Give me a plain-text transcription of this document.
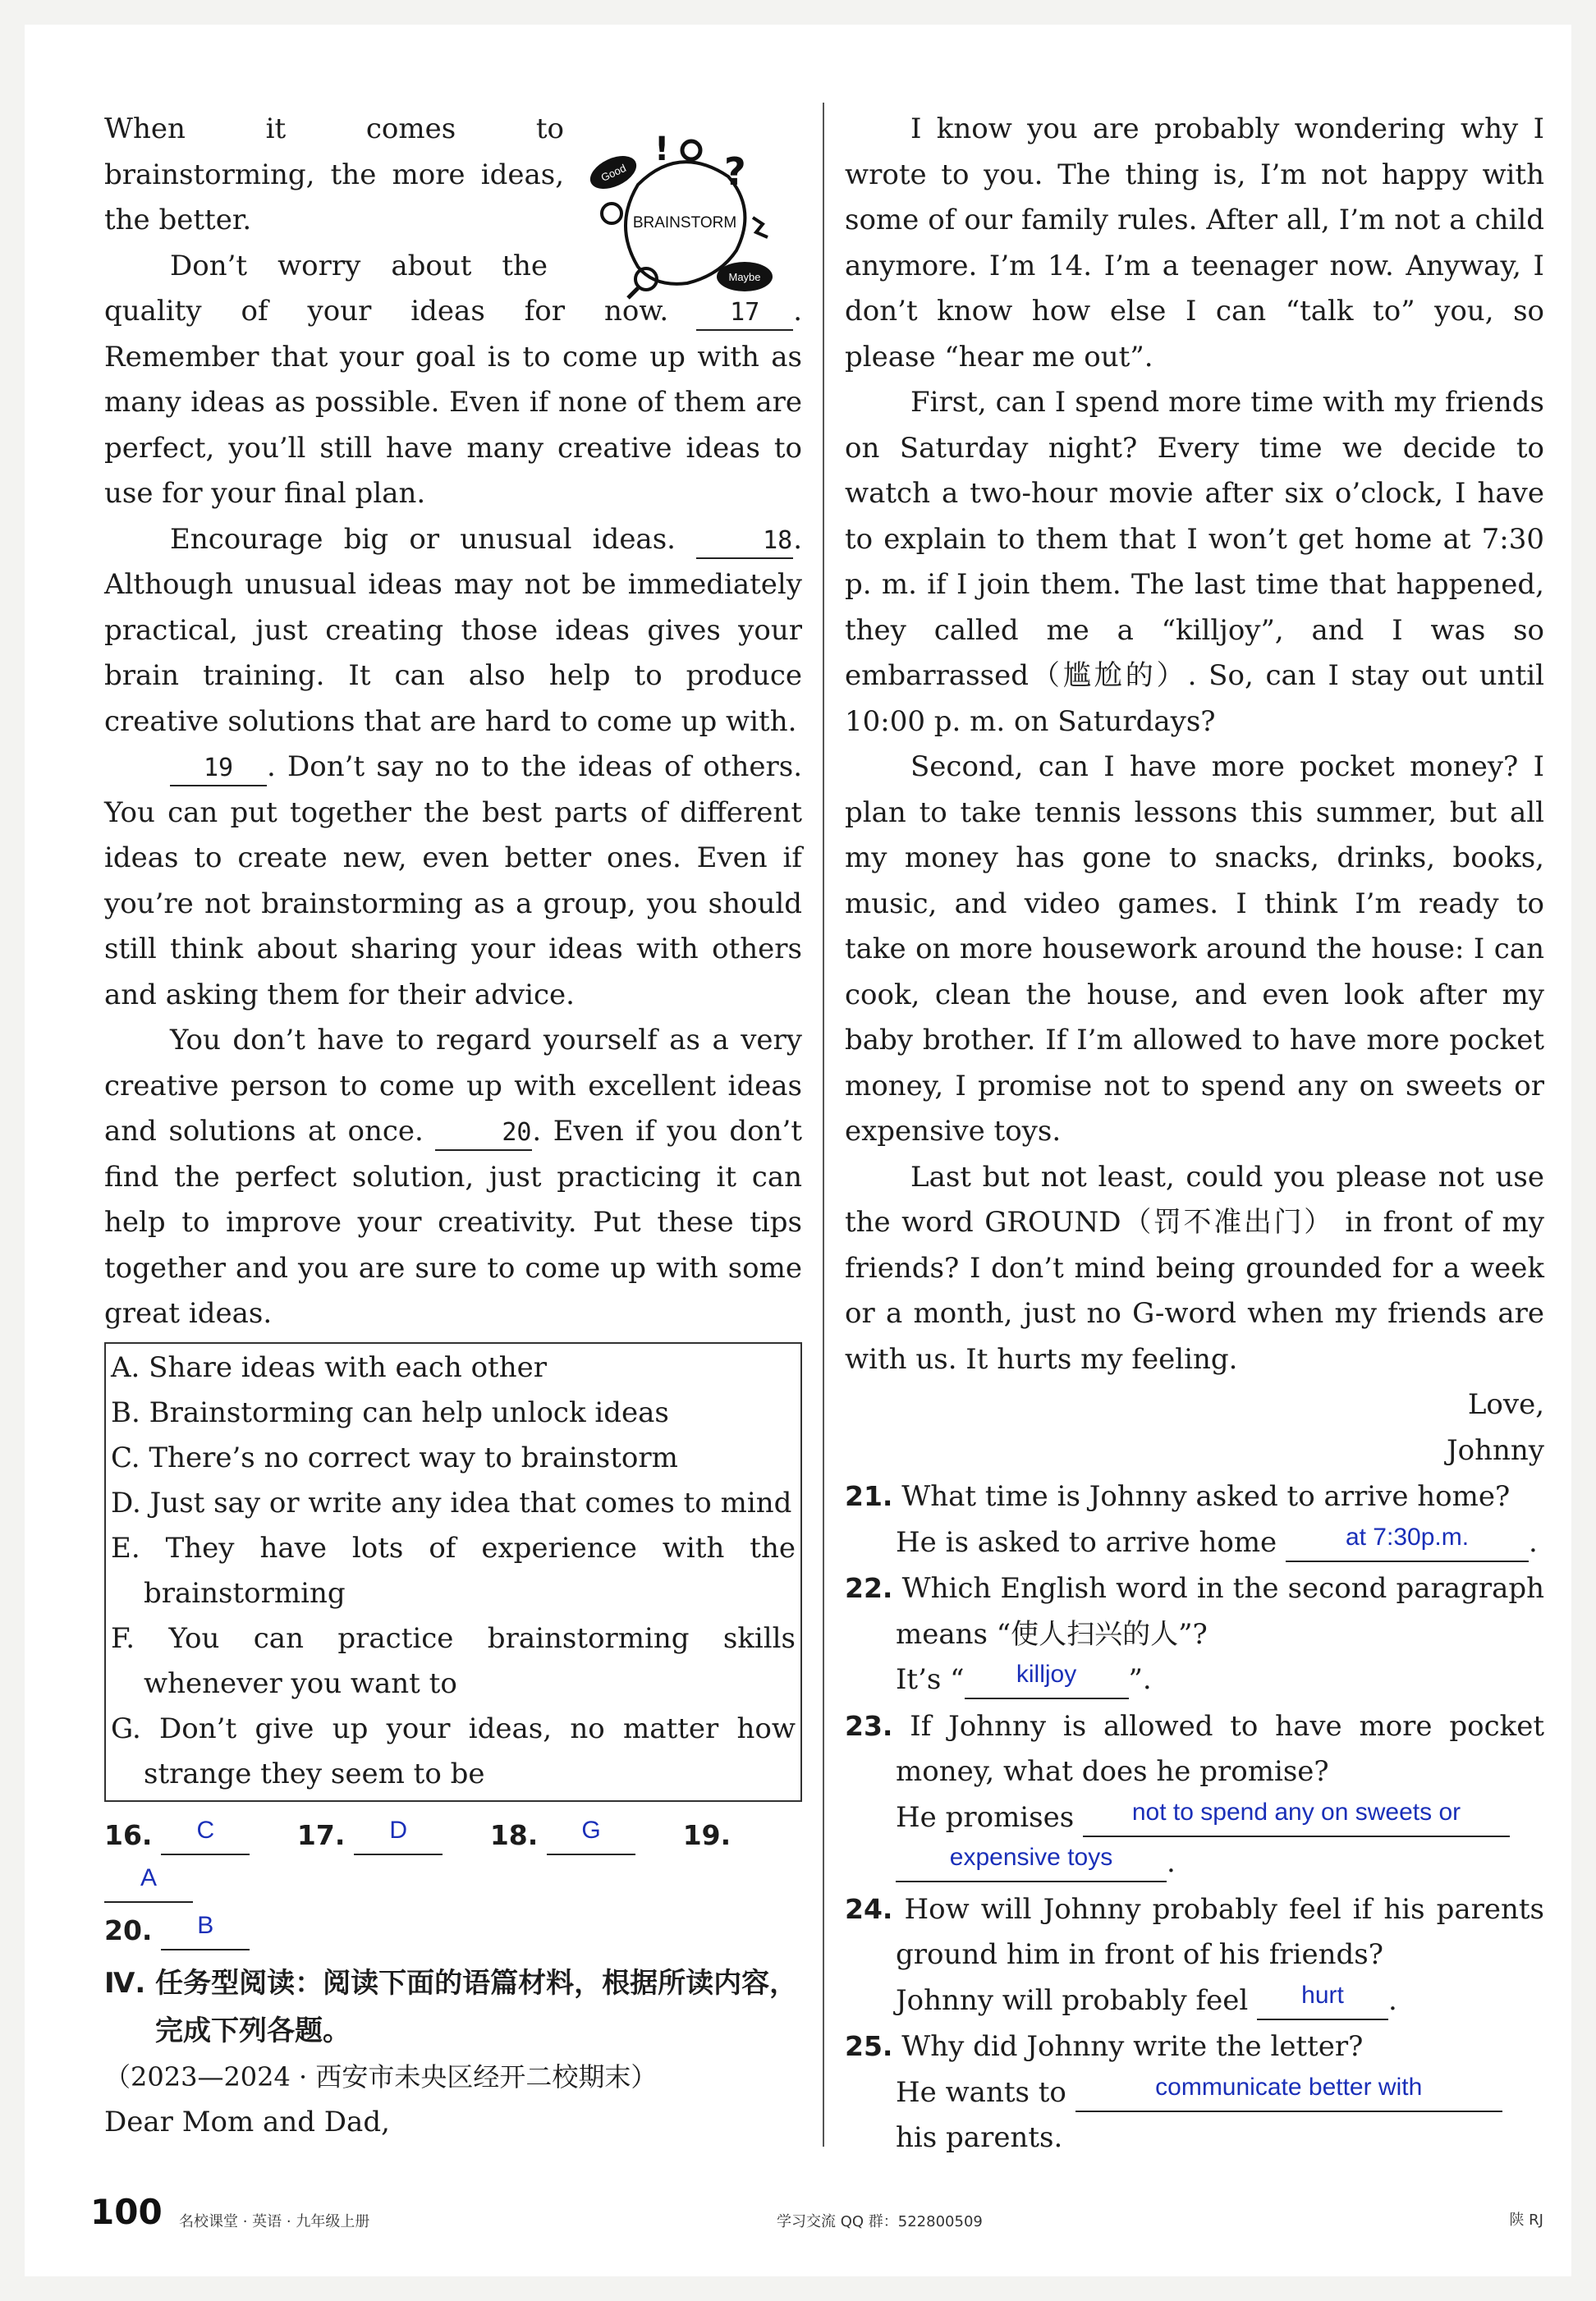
BRAINSTORM
Good
Maybe
! ?

When	it	comes	to

brainstorming, the more ideas,

the better.

Don’t worry about the

quality of your ideas for now. 17 . Remember that your goal is to come up with as many ideas as possible. Even if none of them are perfect, you’ll still have many creative ideas to use for your final plan.

Encourage big or unusual ideas.	18. Although unusual ideas may not be immediately practical, just creating those ideas gives your brain training. It can also help to produce creative solutions that are hard to come up with.

19 . Don’t say no to the ideas of others. You can put together the best parts of different ideas to create new, even better ones. Even if you’re not brainstorming as a group, you should still think about sharing your ideas with others and asking them for their advice.

You don’t have to regard yourself as a very creative person to come up with excellent ideas and solutions at once.	20. Even if you don’t find the perfect solution, just practicing it can help to improve your creativity. Put these tips together and you are sure to come up with some great ideas.

A. Share ideas with each other

B. Brainstorming can help unlock ideas

C. There’s no correct way to brainstorm

D. Just say or write any idea that comes to mind

E. They have lots of experience with the brainstorming

F. You can practice brainstorming skills whenever you want to

G. Don’t give up your ideas, no matter how strange they seem to be

16. C	17. D	18. G	19. A
20. B

Ⅳ. 任务型阅读：阅读下面的语篇材料，根据所读内容，完成下列各题。

（2023—2024 · 西安市未央区经开二校期末）

Dear Mom and Dad,

I know you are probably wondering why I wrote to you. The thing is, I’m not happy with some of our family rules. After all, I’m not a child anymore. I’m 14. I’m a teenager now. Anyway, I don’t know how else I can “talk to” you, so please “hear me out”.

First, can I spend more time with my friends on Saturday night? Every time we decide to watch a two-hour movie after six o’clock, I have to explain to them that I won’t get home at 7:30 p. m. if I join them. The last time that happened, they called me a “killjoy”, and I was so embarrassed（尴尬的）. So, can I stay out until 10:00 p. m. on Saturdays?

Second, can I have more pocket money? I plan to take tennis lessons this summer, but all my money has gone to snacks, drinks, books, music, and video games. I think I’m ready to take on more housework around the house: I can cook, clean the house, and even look after my baby brother. If I’m allowed to have more pocket money, I promise not to spend any on sweets or expensive toys.

Last but not least, could you please not use the word GROUND（罚不准出门） in front of my friends? I don’t mind being grounded for a week or a month, just no G-word when my friends are with us. It hurts my feeling.

Love,

Johnny

21. What time is Johnny asked to arrive home?

He is asked to arrive home	at 7:30p.m. .

22. Which English word in the second paragraph means “使人扫兴的人”?

It’s “ killjoy ”.

23. If Johnny is allowed to have more pocket money, what does he promise?

He promises not to spend any on sweets or
expensive toys .

24. How will Johnny probably feel if his parents ground him in front of his friends?

Johnny will probably feel hurt .

25. Why did Johnny write the letter?

He wants to	communicate better with
his parents.

100 名校课堂 · 英语 · 九年级上册	学习交流 QQ 群：522800509	陕 RJ
